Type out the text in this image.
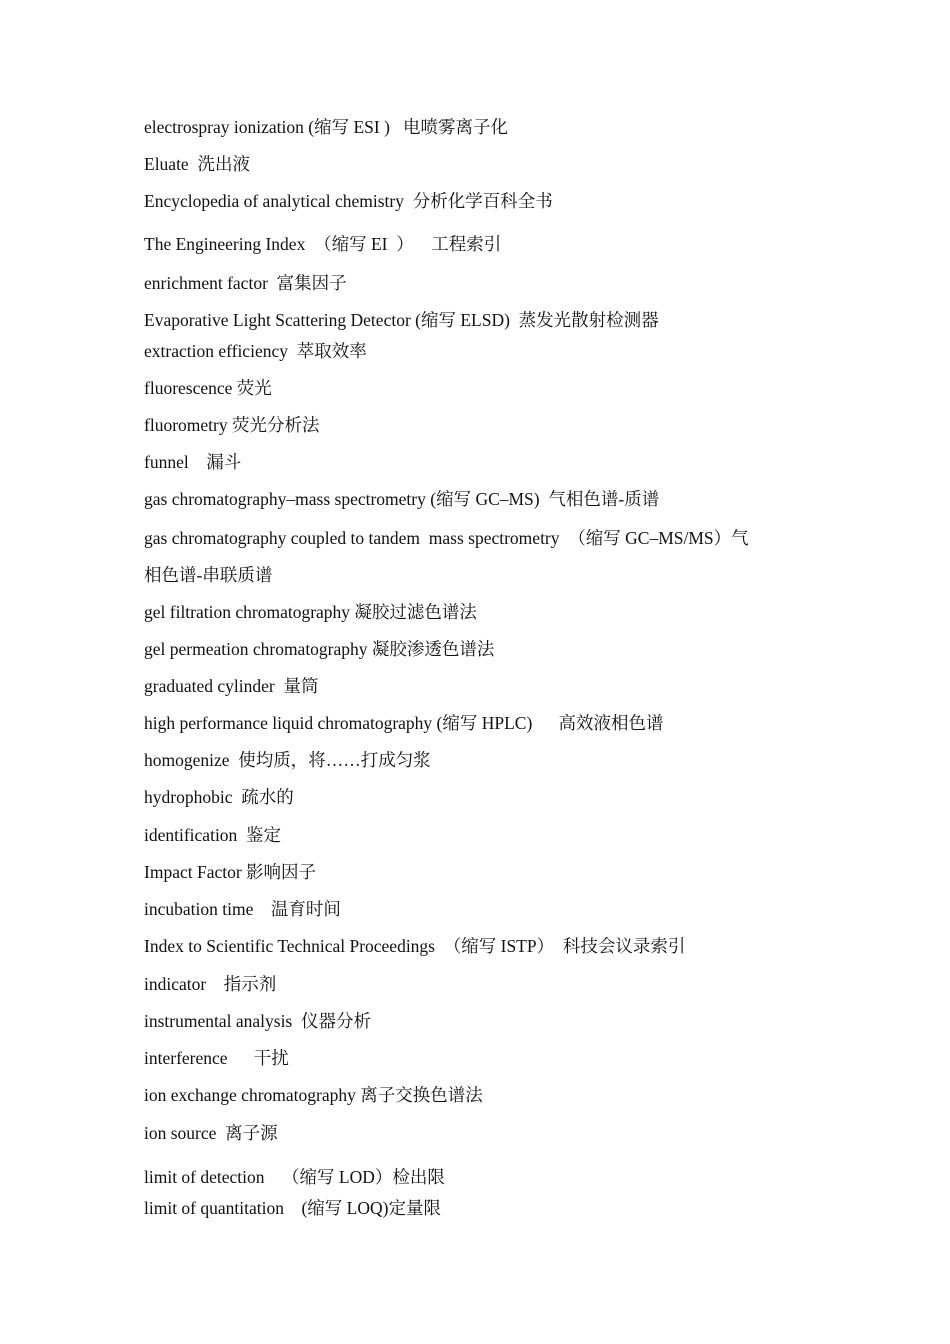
electrospray ionization (缩写 ESI )   电喷雾离子化

Eluate  洗出液

Encyclopedia of analytical chemistry  分析化学百科全书

The Engineering Index  （缩写 EI  ）    工程索引

enrichment factor  富集因子

Evaporative Light Scattering Detector (缩写 ELSD)  蒸发光散射检测器

extraction efficiency  萃取效率

fluorescence 荧光

fluorometry 荧光分析法

funnel    漏斗

gas chromatography–mass spectrometry (缩写 GC–MS)  气相色谱-质谱

gas chromatography coupled to tandem  mass spectrometry  （缩写 GC–MS/MS）气

相色谱-串联质谱

gel filtration chromatography 凝胶过滤色谱法

gel permeation chromatography 凝胶渗透色谱法

graduated cylinder  量筒

high performance liquid chromatography (缩写 HPLC)      高效液相色谱

homogenize  使均质，将……打成匀浆

hydrophobic  疏水的

identification  鉴定

Impact Factor 影响因子

incubation time    温育时间

Index to Scientific Technical Proceedings  （缩写 ISTP）  科技会议录索引

indicator    指示剂

instrumental analysis  仪器分析

interference      干扰

ion exchange chromatography 离子交换色谱法

ion source  离子源

limit of detection    （缩写 LOD）检出限

limit of quantitation    (缩写 LOQ)定量限
